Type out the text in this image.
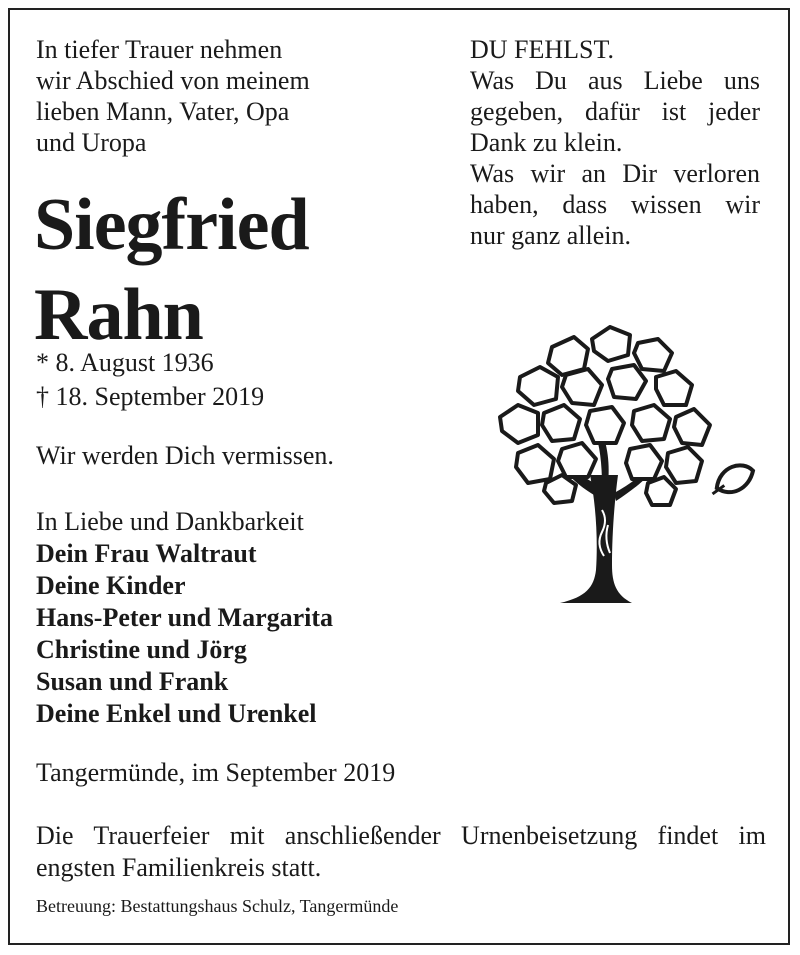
In tiefer Trauer nehmen
wir Abschied von meinem
lieben Mann, Vater, Opa
und Uropa
DU FEHLST.
Was Du aus Liebe uns
gegeben, dafür ist jeder
Dank zu klein.
Was wir an Dir verloren
haben, dass wissen wir
nur ganz allein.
Siegfried
Rahn
* 8. August 1936
† 18. September 2019
Wir werden Dich vermissen.
In Liebe und Dankbarkeit
Dein Frau Waltraut
Deine Kinder
Hans-Peter und Margarita
Christine und Jörg
Susan und Frank
Deine Enkel und Urenkel
Tangermünde, im September 2019
Die Trauerfeier mit anschließender Urnenbeisetzung findet im
engsten Familienkreis statt.
Betreuung: Bestattungshaus Schulz, Tangermünde
